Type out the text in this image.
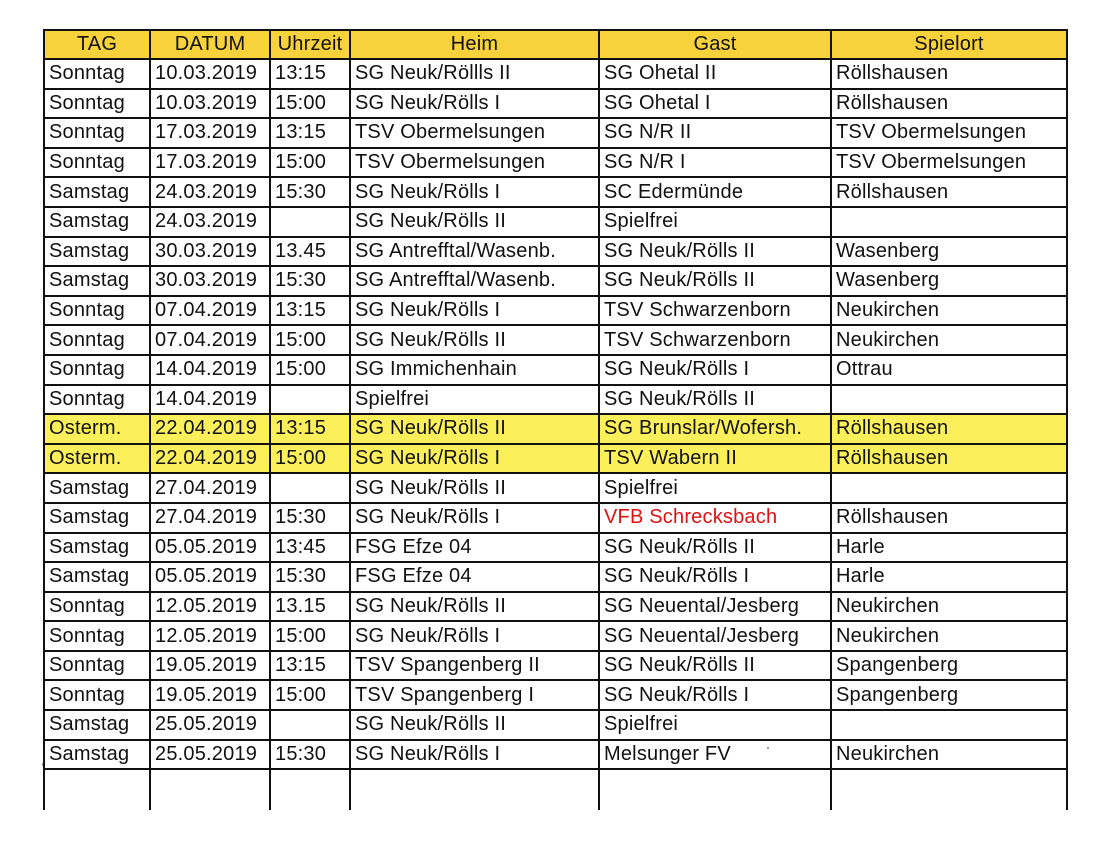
TAG	DATUM	Uhrzeit	Heim	Gast	Spielort
Sonntag	10.03.2019	13:15	SG Neuk/Röllls II	SG Ohetal II	Röllshausen
Sonntag	10.03.2019	15:00	SG Neuk/Rölls I	SG Ohetal I	Röllshausen
Sonntag	17.03.2019	13:15	TSV Obermelsungen	SG N/R II	TSV Obermelsungen
Sonntag	17.03.2019	15:00	TSV Obermelsungen	SG N/R I	TSV Obermelsungen
Samstag	24.03.2019	15:30	SG Neuk/Rölls I	SC Edermünde	Röllshausen
Samstag	24.03.2019		SG Neuk/Rölls II	Spielfrei	
Samstag	30.03.2019	13.45	SG Antrefftal/Wasenb.	SG Neuk/Rölls II	Wasenberg
Samstag	30.03.2019	15:30	SG Antrefftal/Wasenb.	SG Neuk/Rölls II	Wasenberg
Sonntag	07.04.2019	13:15	SG Neuk/Rölls I	TSV Schwarzenborn	Neukirchen
Sonntag	07.04.2019	15:00	SG Neuk/Rölls II	TSV Schwarzenborn	Neukirchen
Sonntag	14.04.2019	15:00	SG Immichenhain	SG Neuk/Rölls I	Ottrau
Sonntag	14.04.2019		Spielfrei	SG Neuk/Rölls II	
Osterm.	22.04.2019	13:15	SG Neuk/Rölls II	SG Brunslar/Wofersh.	Röllshausen
Osterm.	22.04.2019	15:00	SG Neuk/Rölls I	TSV Wabern II	Röllshausen
Samstag	27.04.2019		SG Neuk/Rölls II	Spielfrei	
Samstag	27.04.2019	15:30	SG Neuk/Rölls I	VFB Schrecksbach	Röllshausen
Samstag	05.05.2019	13:45	FSG Efze 04	SG Neuk/Rölls II	Harle
Samstag	05.05.2019	15:30	FSG Efze 04	SG Neuk/Rölls I	Harle
Sonntag	12.05.2019	13.15	SG Neuk/Rölls II	SG Neuental/Jesberg	Neukirchen
Sonntag	12.05.2019	15:00	SG Neuk/Rölls I	SG Neuental/Jesberg	Neukirchen
Sonntag	19.05.2019	13:15	TSV Spangenberg II	SG Neuk/Rölls II	Spangenberg
Sonntag	19.05.2019	15:00	TSV Spangenberg I	SG Neuk/Rölls I	Spangenberg
Samstag	25.05.2019		SG Neuk/Rölls II	Spielfrei	
Samstag	25.05.2019	15:30	SG Neuk/Rölls I	Melsunger FV	Neukirchen
